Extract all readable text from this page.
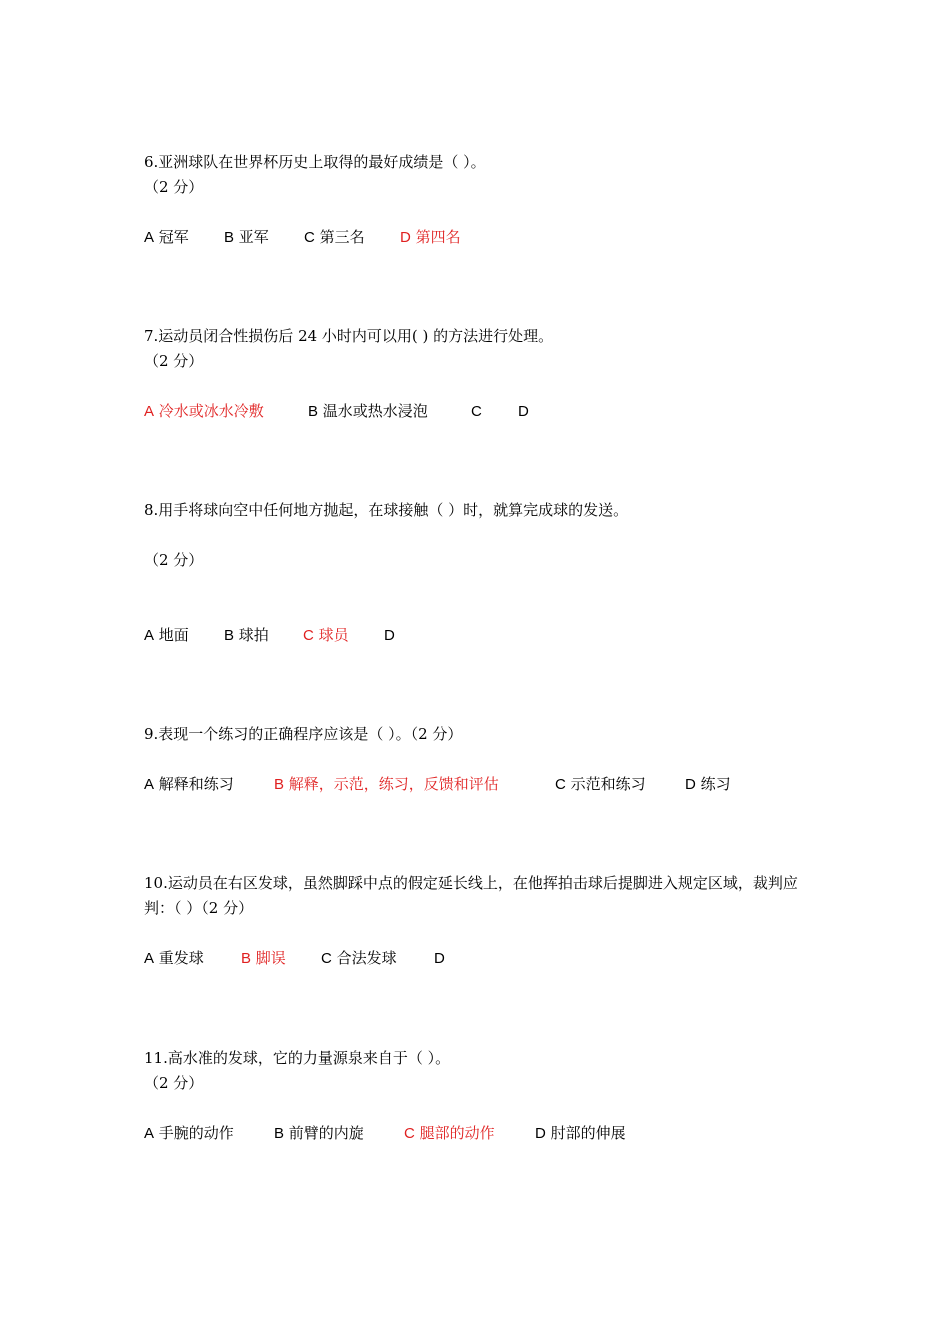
6.亚洲球队在世界杯历史上取得的最好成绩是（ ）。
（2 分）
A 冠军 B 亚军 C 第三名 D 第四名
7.运动员闭合性损伤后 24 小时内可以用( ) 的方法进行处理。
（2 分）
A 冷水或冰水冷敷	B 温水或热水浸泡	C D
8.用手将球向空中任何地方抛起，在球接触（ ）时，就算完成球的发送。
（2 分）
A 地面 B 球拍 C 球员 D
9.表现一个练习的正确程序应该是（ ）。（2 分）
A 解释和练习	B 解释，示范，练习，反馈和评估	C 示范和练习	D 练习
10.运动员在右区发球，虽然脚踩中点的假定延长线上，在他挥拍击球后提脚进入规定区域，裁判应判：（ ）（2 分）
A 重发球 B 脚误 C 合法发球 D
11.高水准的发球，它的力量源泉来自于（ ）。
（2 分）
A 手腕的动作	B 前臂的内旋	C 腿部的动作	D 肘部的伸展
